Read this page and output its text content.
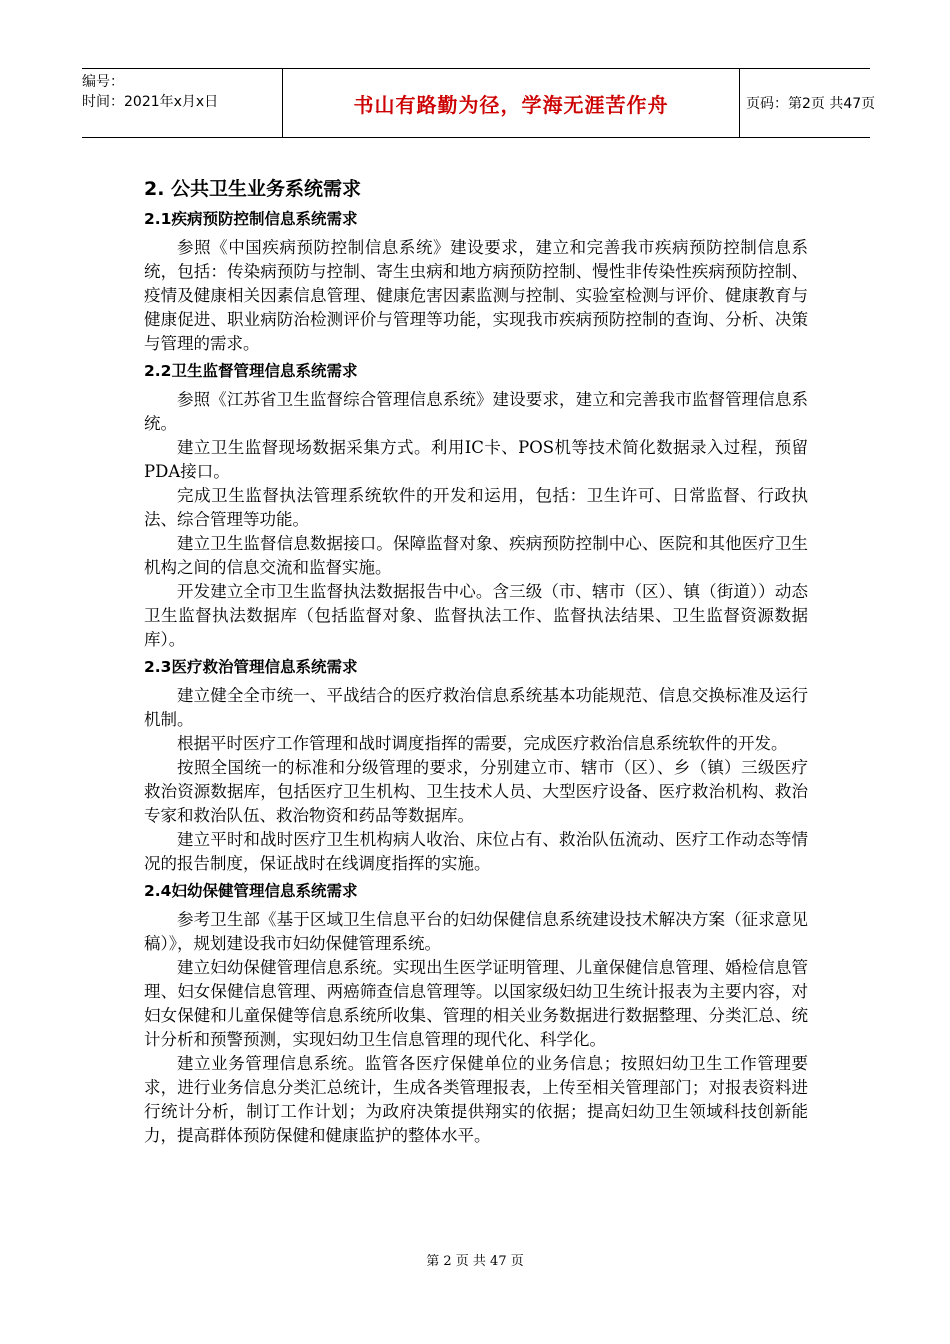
编号：
时间：2021年x月x日	书山有路勤为径，学海无涯苦作舟	页码：第2页 共47页
2. 公共卫生业务系统需求
2.1疾病预防控制信息系统需求

参照《中国疾病预防控制信息系统》建设要求，建立和完善我市疾病预防控制信息系统，包括：传染病预防与控制、寄生虫病和地方病预防控制、慢性非传染性疾病预防控制、疫情及健康相关因素信息管理、健康危害因素监测与控制、实验室检测与评价、健康教育与健康促进、职业病防治检测评价与管理等功能，实现我市疾病预防控制的查询、分析、决策与管理的需求。

2.2卫生监督管理信息系统需求

参照《江苏省卫生监督综合管理信息系统》建设要求，建立和完善我市监督管理信息系统。

建立卫生监督现场数据采集方式。利用IC卡、POS机等技术简化数据录入过程，预留PDA接口。

完成卫生监督执法管理系统软件的开发和运用，包括：卫生许可、日常监督、行政执法、综合管理等功能。

建立卫生监督信息数据接口。保障监督对象、疾病预防控制中心、医院和其他医疗卫生机构之间的信息交流和监督实施。

开发建立全市卫生监督执法数据报告中心。含三级（市、辖市（区）、镇（街道））动态卫生监督执法数据库（包括监督对象、监督执法工作、监督执法结果、卫生监督资源数据库）。

2.3医疗救治管理信息系统需求

建立健全全市统一、平战结合的医疗救治信息系统基本功能规范、信息交换标准及运行机制。

根据平时医疗工作管理和战时调度指挥的需要，完成医疗救治信息系统软件的开发。

按照全国统一的标准和分级管理的要求，分别建立市、辖市（区）、乡（镇）三级医疗救治资源数据库，包括医疗卫生机构、卫生技术人员、大型医疗设备、医疗救治机构、救治专家和救治队伍、救治物资和药品等数据库。

建立平时和战时医疗卫生机构病人收治、床位占有、救治队伍流动、医疗工作动态等情况的报告制度，保证战时在线调度指挥的实施。

2.4妇幼保健管理信息系统需求

参考卫生部《基于区域卫生信息平台的妇幼保健信息系统建设技术解决方案（征求意见稿）》，规划建设我市妇幼保健管理系统。

建立妇幼保健管理信息系统。实现出生医学证明管理、儿童保健信息管理、婚检信息管理、妇女保健信息管理、两癌筛查信息管理等。以国家级妇幼卫生统计报表为主要内容，对妇女保健和儿童保健等信息系统所收集、管理的相关业务数据进行数据整理、分类汇总、统计分析和预警预测，实现妇幼卫生信息管理的现代化、科学化。

建立业务管理信息系统。监管各医疗保健单位的业务信息；按照妇幼卫生工作管理要求，进行业务信息分类汇总统计，生成各类管理报表，上传至相关管理部门；对报表资料进行统计分析，制订工作计划；为政府决策提供翔实的依据；提高妇幼卫生领域科技创新能力，提高群体预防保健和健康监护的整体水平。

第 2 页 共 47 页
